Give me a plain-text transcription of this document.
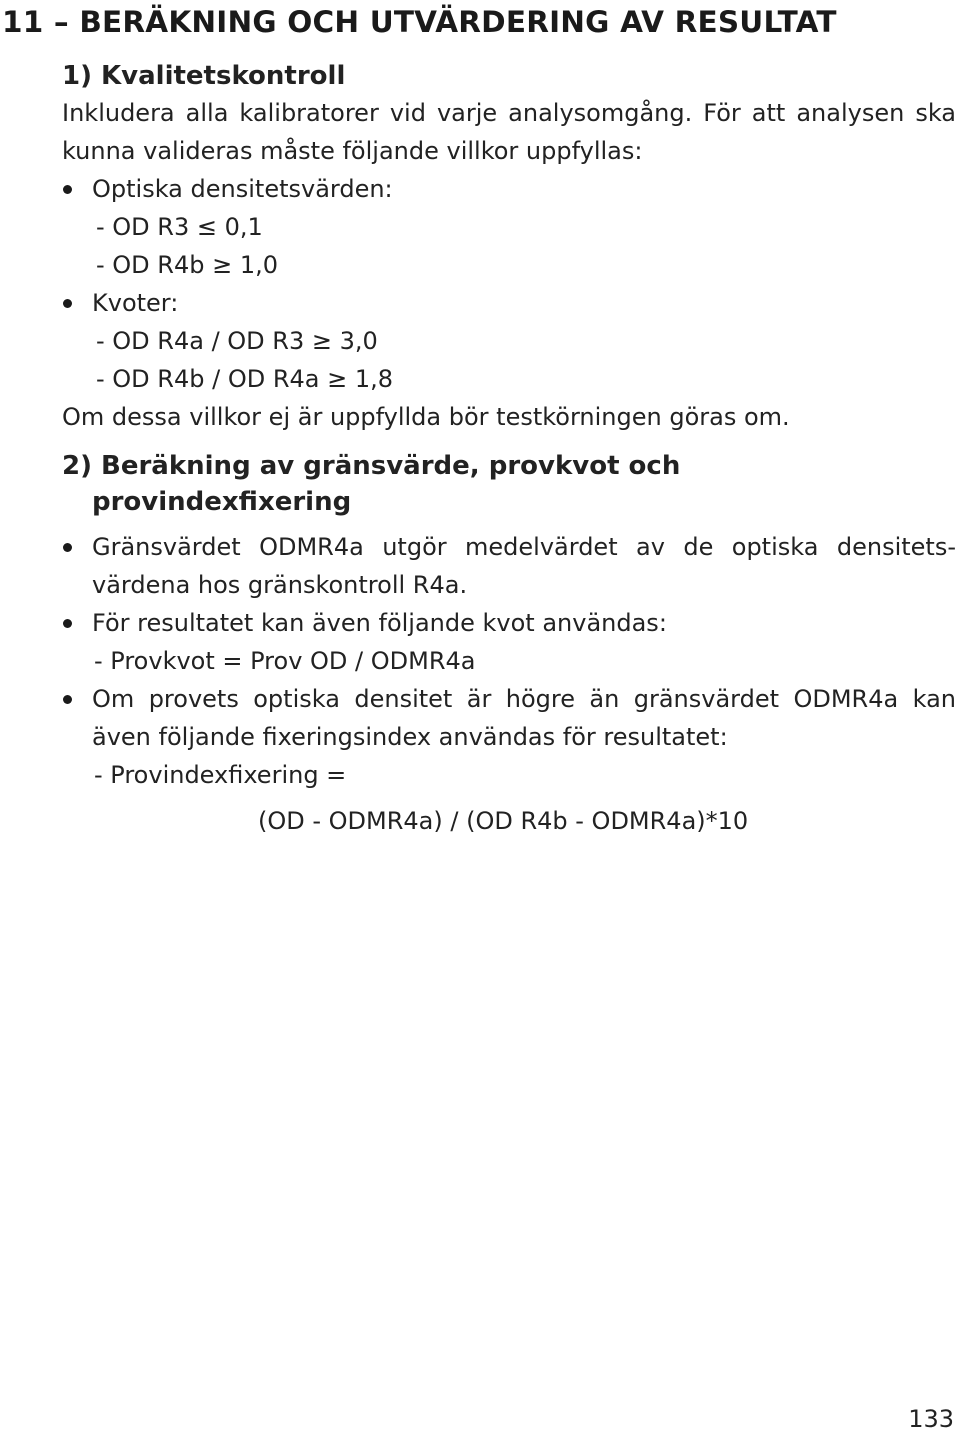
11 – BERÄKNING OCH UTVÄRDERING AV RESULTAT
1) Kvalitetskontroll

Inkludera alla kalibratorer vid varje analysomgång. För att analysen ska kunna valideras måste följande villkor uppfyllas:

Optiska densitetsvärden:

- OD R3 ≤ 0,1

- OD R4b ≥ 1,0

Kvoter:

- OD R4a / OD R3 ≥ 3,0

- OD R4b / OD R4a ≥ 1,8

Om dessa villkor ej är uppfyllda bör testkörningen göras om.

2) Beräkning av gränsvärde, provkvot och
provindexfixering
Gränsvärdet ODMR4a utgör medelvärdet av de optiska densitets-värdena hos gränskontroll R4a.
För resultatet kan även följande kvot användas:

- Provkvot = Prov OD / ODMR4a

Om provets optiska densitet är högre än gränsvärdet ODMR4a kan även följande fixeringsindex användas för resultatet:

- Provindexfixering =

(OD - ODMR4a) / (OD R4b - ODMR4a)*10

133
